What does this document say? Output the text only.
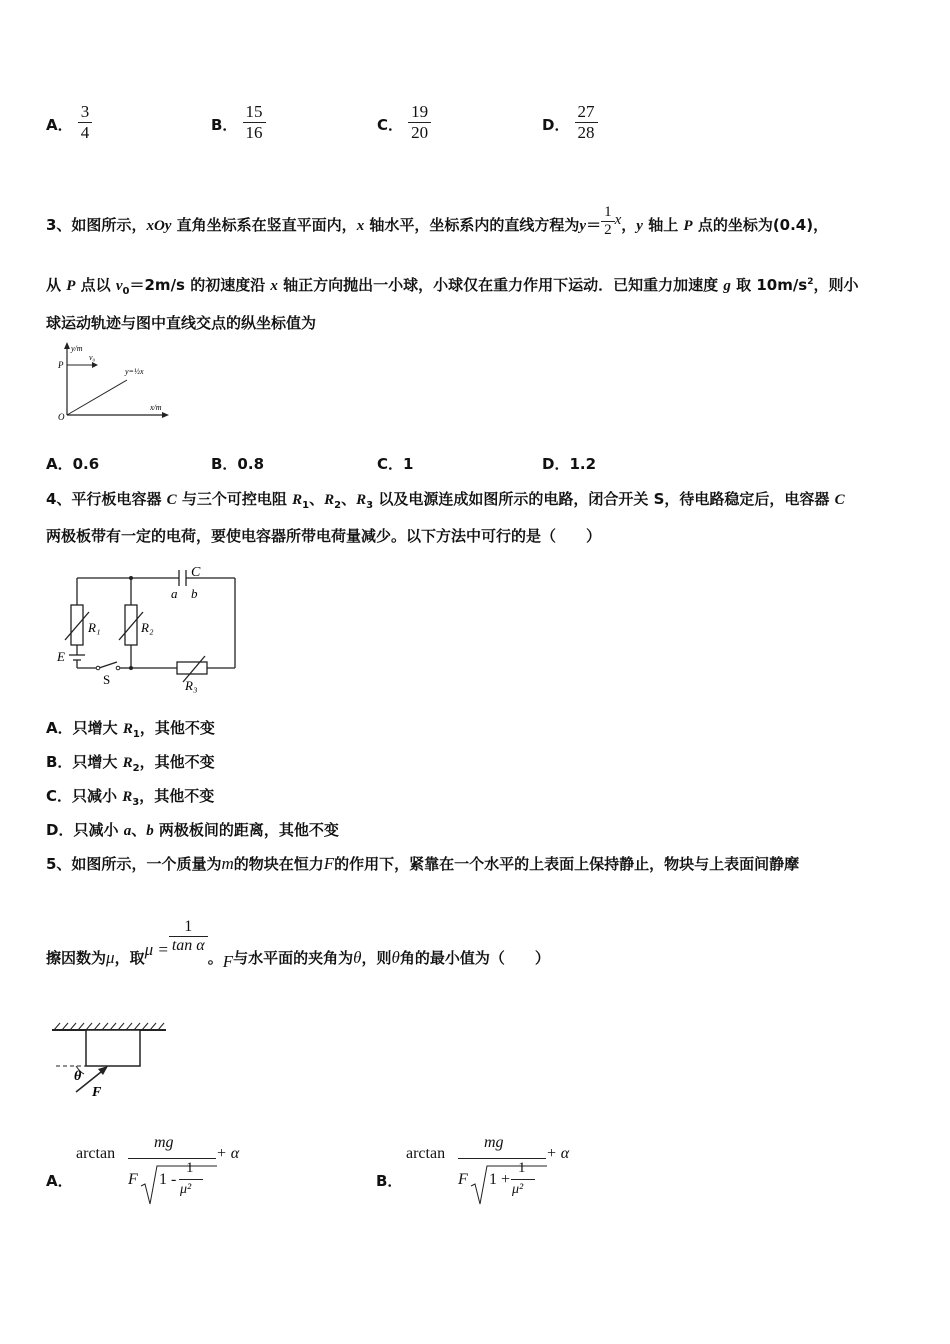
A． $\frac{3}{4}$	B． $\frac{15}{16}$	C． $\frac{19}{20}$	D． $\frac{27}{28}$
3、如图所示，xOy 直角坐标系在竖直平面内，x 轴水平，坐标系内的直线方程为$y= \frac{1}{2}$ x，y 轴上 P 点的坐标为(0.4)，
从 P 点以 $v_0=2m/s$ 的初速度沿 x 轴正方向抛出一小球，小球仅在重力作用下运动．已知重力加速度 g 取 $10m/s^2$，则小
球运动轨迹与图中直线交点的纵坐标值为
y/m
x/m
P
v₀
O
y=½x
A．0.6	B．0.8	C．1	D．1.2
4、平行板电容器 C 与三个可控电阻 $R_1$、$R_2$、$R_3$ 以及电源连成如图所示的电路，闭合开关 S，待电路稳定后，电容器 C
两极板带有一定的电荷，要使电容器所带电荷量减少。以下方法中可行的是（　　）
C
a b
R₁	R₂
R₃
E
S
A．只增大 $R_1$，其他不变
B．只增大 $R_2$，其他不变
C．只减小 $R_3$，其他不变
D．只减小 a、b 两极板间的距离，其他不变
5、如图所示，一个质量为m的物块在恒力F的作用下，紧靠在一个水平的上表面上保持静止，物块与上表面间静摩
擦因数为μ，取$\mu = \frac{1}{\text{tan α}}$
。F与水平面的夹角为θ，则θ角的最小值为（　　）
θ
F
A．
arctan
mg
F 1 -
1
μ²
+ α
B．
arctan
mg
F 1 +
1
μ²
+ α
